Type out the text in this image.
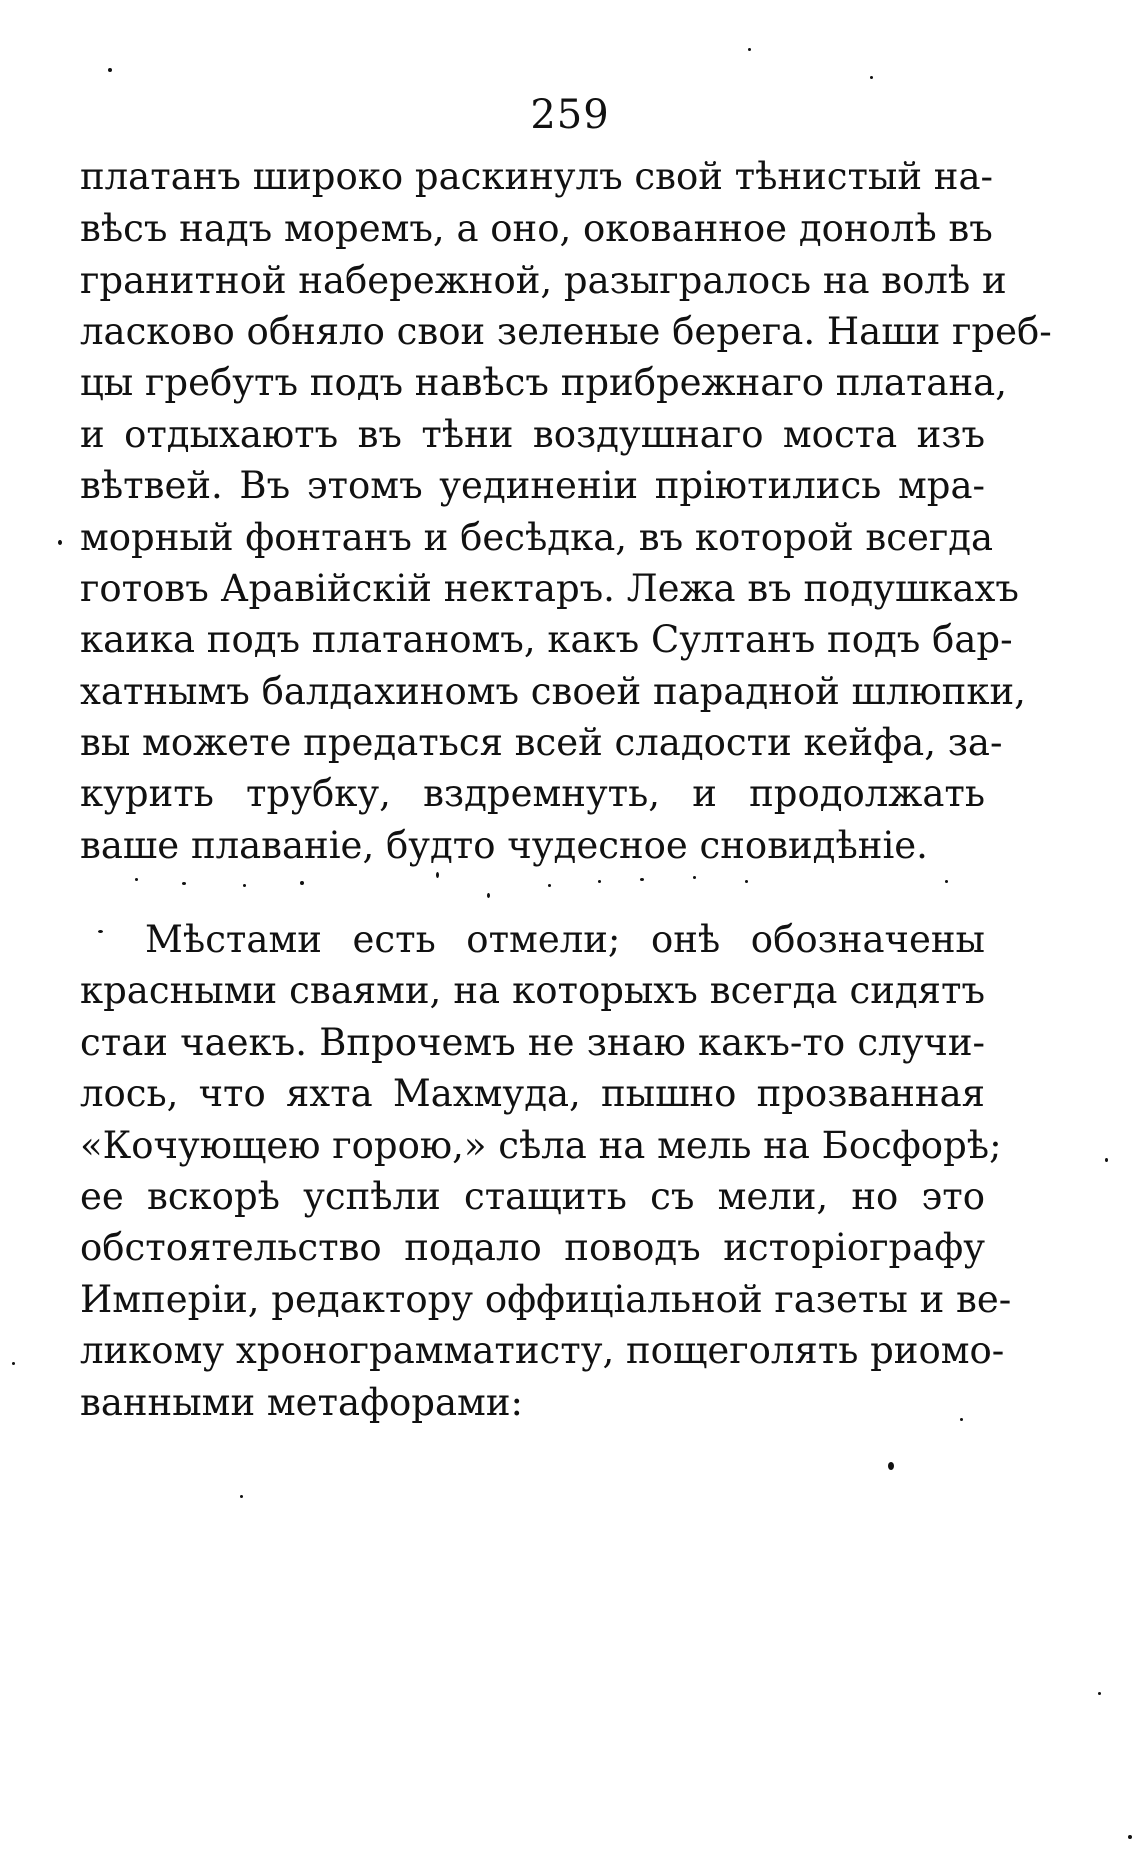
259
платанъ широко раскинулъ свой тѣнистый на-
вѣсъ надъ моремъ, а оно, окованное донолѣ въ
гранитной набережной, разыгралось на волѣ и
ласково обняло свои зеленые берега. Наши греб-
цы гребутъ подъ навѣсъ прибрежнаго платана,
и отдыхаютъ въ тѣни воздушнаго моста изъ
вѣтвей. Въ этомъ уединеніи пріютились мра-
морный фонтанъ и бесѣдка, въ которой всегда
готовъ Аравійскій нектаръ. Лежа въ подушкахъ
каика подъ платаномъ, какъ Султанъ подъ бар-
хатнымъ балдахиномъ своей парадной шлюпки,
вы можете предаться всей сладости кейфа, за-
курить трубку, вздремнуть, и продолжать
ваше плаваніе, будто чудесное сновидѣніе.
Мѣстами есть отмели; онѣ обозначены
красными сваями, на которыхъ всегда сидятъ
стаи чаекъ. Впрочемъ не знаю какъ-то случи-
лось, что яхта Махмуда, пышно прозванная
«Кочующею горою,» сѣла на мель на Босфорѣ;
ее вскорѣ успѣли стащить съ мели, но это
обстоятельство подало поводъ исторіографу
Имперіи, редактору оффиціальной газеты и ве-
ликому хронограмматисту, пощеголять риомо-
ванными метафорами:
